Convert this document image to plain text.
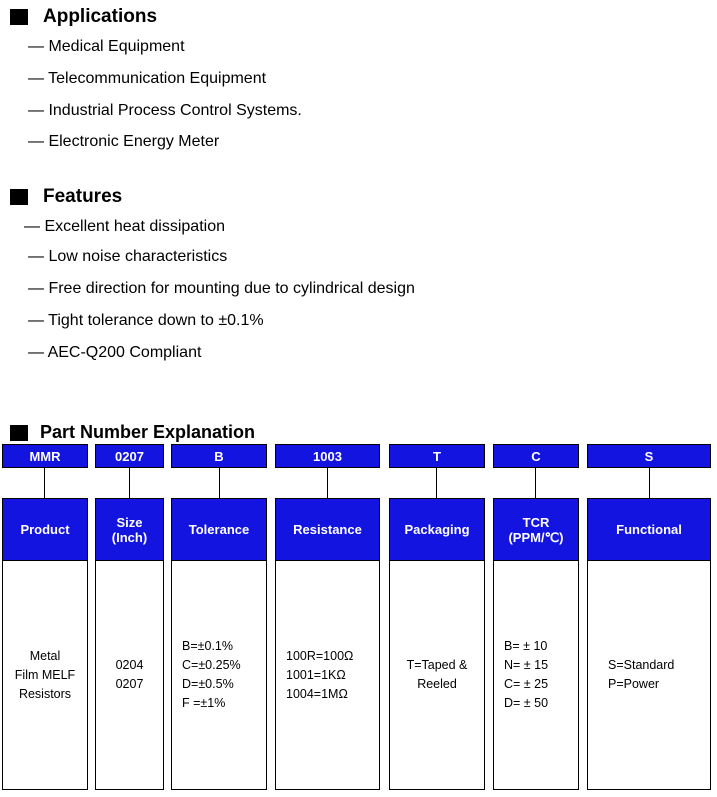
Applications
— Medical Equipment
— Telecommunication Equipment
— Industrial Process Control Systems.
— Electronic Energy Meter
Features
— Excellent heat dissipation
— Low noise characteristics
— Free direction for mounting due to cylindrical design
— Tight tolerance down to ±0.1%
— AEC-Q200 Compliant
Part Number Explanation
MMR
Product
Metal
Film MELF
Resistors
0207
Size
(Inch)
0204
0207
B
Tolerance
B=±0.1%
C=±0.25%
D=±0.5%
F =±1%
1003
Resistance
100R=100Ω
1001=1KΩ
1004=1MΩ
T
Packaging
T=Taped &
Reeled
C
TCR
(PPM/℃)
B= ± 10
N= ± 15
C= ± 25
D= ± 50
S
Functional
S=Standard
P=Power
